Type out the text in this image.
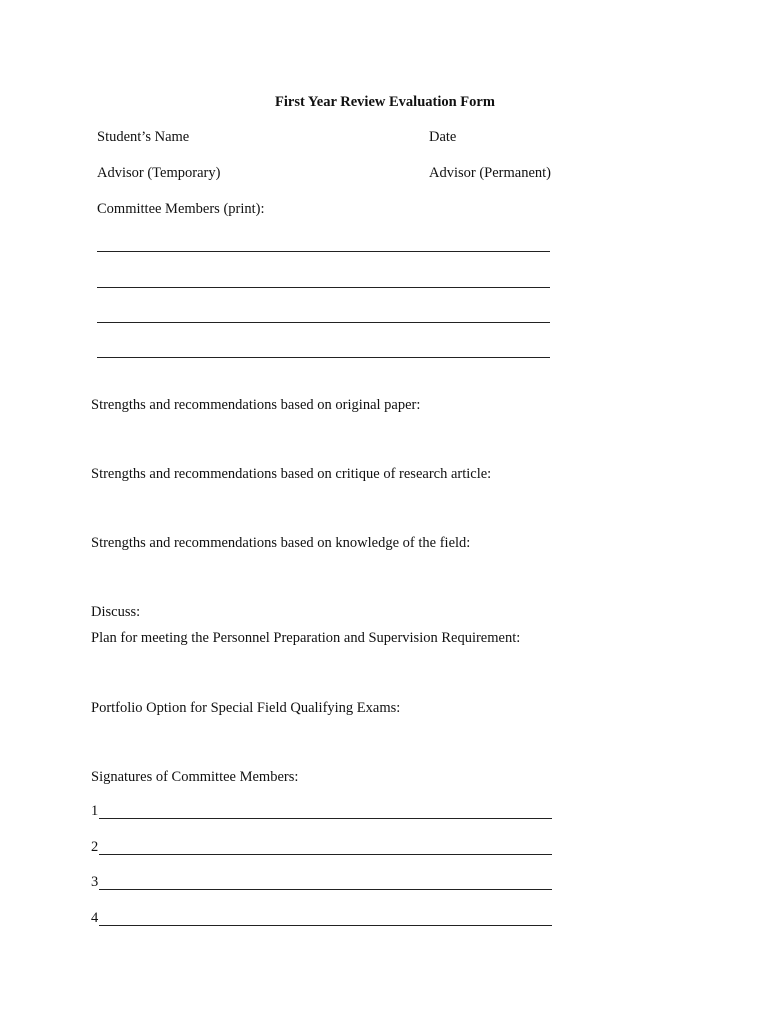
First Year Review Evaluation Form
Student’s Name	Date
Advisor (Temporary)	Advisor (Permanent)
Committee Members (print):
Strengths and recommendations based on original paper:
Strengths and recommendations based on critique of research article:
Strengths and recommendations based on knowledge of the field:
Discuss:
Plan for meeting the Personnel Preparation and Supervision Requirement:
Portfolio Option for Special Field Qualifying Exams:
Signatures of Committee Members:
1
2
3
4
